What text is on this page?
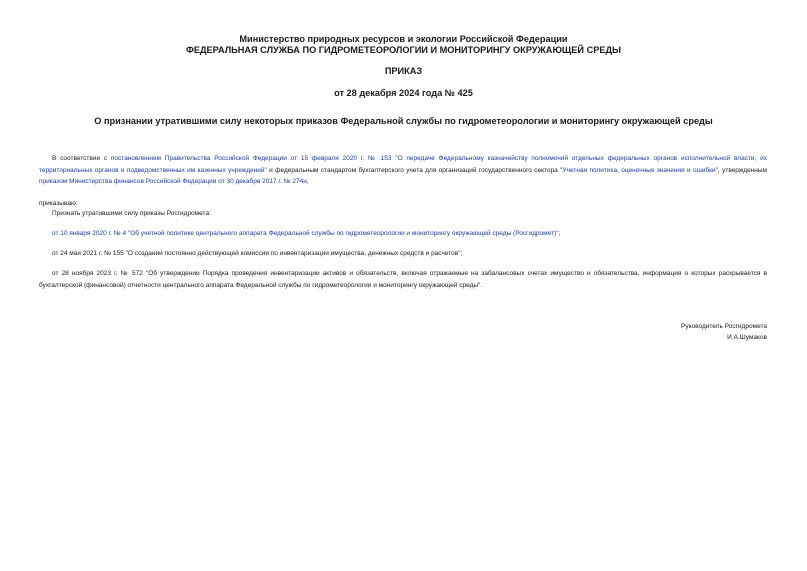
Министерство природных ресурсов и экологии Российской Федерации
ФЕДЕРАЛЬНАЯ СЛУЖБА ПО ГИДРОМЕТЕОРОЛОГИИ И МОНИТОРИНГУ ОКРУЖАЮЩЕЙ СРЕДЫ
ПРИКАЗ
от 28 декабря 2024 года № 425
О признании утратившими силу некоторых приказов Федеральной службы по гидрометеорологии и мониторингу окружающей среды
В соответствии с постановлением Правительства Российской Федерации от 15 февраля 2020 г. № 153 "О передаче Федеральному казначейству полномочий отдельных федеральных органов исполнительной власти, их территориальных органов и подведомственных им казенных учреждений" и федеральным стандартом бухгалтерского учета для организаций государственного сектора "Учетная политика, оценочные значения и ошибки", утвержденным приказом Министерства финансов Российской Федерации от 30 декабря 2017 г. № 274н,
приказываю:
Признать утратившими силу приказы Росгидромета:
от 10 января 2020 г. № 4 "Об учетной политике центрального аппарата Федеральной службы по гидрометеорологии и мониторингу окружающей среды (Росгидромет)";
от 24 мая 2021 г. № 155 "О создании постоянно действующей комиссии по инвентаризации имущества, денежных средств и расчетов";
от 28 ноября 2023 г. № 572 "Об утверждении Порядка проведения инвентаризации активов и обязательств, включая отражаемые на забалансовых счетах имущество и обязательства, информация о которых раскрывается в бухгалтерской (финансовой) отчетности центрального аппарата Федеральной службы по гидрометеорологии и мониторингу окружающей среды".
Руководитель Росгидромета
И.А.Шумаков
